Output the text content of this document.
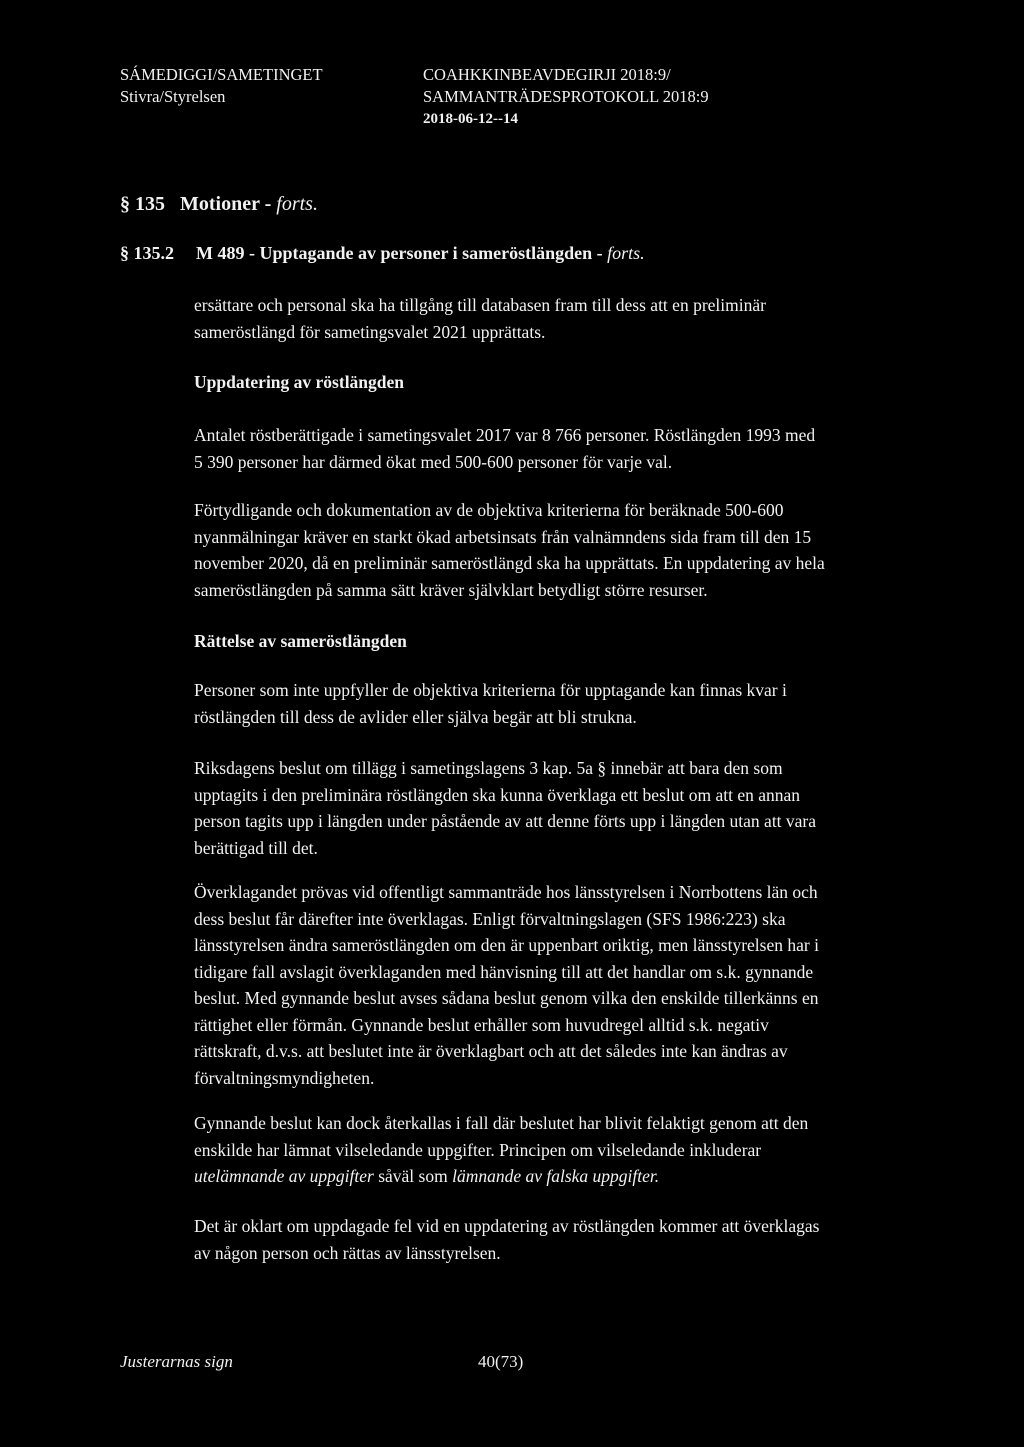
SÁMEDIGGI/SAMETINGET
Stivra/Styrelsen
COAHKKINBEAVDEGIRJI 2018:9/
SAMMANTRÄDESPROTOKOLL 2018:9
2018-06-12--14
§ 135 Motioner - forts.
§ 135.2 M 489 - Upptagande av personer i sameröstlängden - forts.

ersättare och personal ska ha tillgång till databasen fram till dess att en preliminär

sameröstlängd för sametingsvalet 2021 upprättats.

Uppdatering av röstlängden

Antalet röstberättigade i sametingsvalet 2017 var 8 766 personer. Röstlängden 1993 med

5 390 personer har därmed ökat med 500-600 personer för varje val.

Förtydligande och dokumentation av de objektiva kriterierna för beräknade 500-600

nyanmälningar kräver en starkt ökad arbetsinsats från valnämndens sida fram till den 15

november 2020, då en preliminär sameröstlängd ska ha upprättats. En uppdatering av hela

sameröstlängden på samma sätt kräver självklart betydligt större resurser.

Rättelse av sameröstlängden

Personer som inte uppfyller de objektiva kriterierna för upptagande kan finnas kvar i

röstlängden till dess de avlider eller själva begär att bli strukna.

Riksdagens beslut om tillägg i sametingslagens 3 kap. 5a § innebär att bara den som

upptagits i den preliminära röstlängden ska kunna överklaga ett beslut om att en annan

person tagits upp i längden under påstående av att denne förts upp i längden utan att vara

berättigad till det.

Överklagandet prövas vid offentligt sammanträde hos länsstyrelsen i Norrbottens län och

dess beslut får därefter inte överklagas. Enligt förvaltningslagen (SFS 1986:223) ska

länsstyrelsen ändra sameröstlängden om den är uppenbart oriktig, men länsstyrelsen har i

tidigare fall avslagit överklaganden med hänvisning till att det handlar om s.k. gynnande

beslut. Med gynnande beslut avses sådana beslut genom vilka den enskilde tillerkänns en

rättighet eller förmån. Gynnande beslut erhåller som huvudregel alltid s.k. negativ

rättskraft, d.v.s. att beslutet inte är överklagbart och att det således inte kan ändras av

förvaltningsmyndigheten.

Gynnande beslut kan dock återkallas i fall där beslutet har blivit felaktigt genom att den

enskilde har lämnat vilseledande uppgifter. Principen om vilseledande inkluderar

utelämnande av uppgifter såväl som lämnande av falska uppgifter.

Det är oklart om uppdagade fel vid en uppdatering av röstlängden kommer att överklagas

av någon person och rättas av länsstyrelsen.

Justerarnas sign	40(73)
